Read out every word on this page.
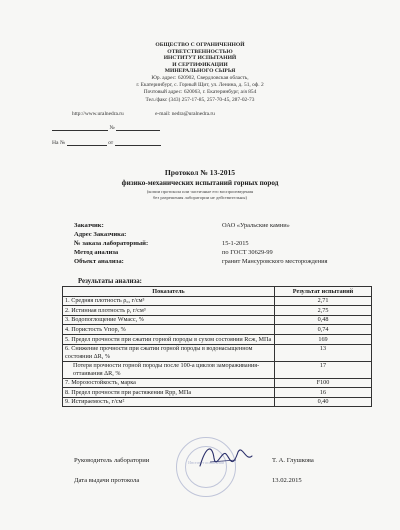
ОБЩЕСТВО С ОГРАНИЧЕННОЙ
ОТВЕТСТВЕННОСТЬЮ
ИНСТИТУТ ИСПЫТАНИЙ
И СЕРТИФИКАЦИИ
МИНЕРАЛЬНОГО СЫРЬЯ
Юр. адрес: 620902, Свердловская область,
г. Екатеринбург, с. Горный Щит, ул. Ленина, д. 51, оф. 2
Почтовый адрес: 620063, г. Екатеринбург, а/я 854
Тел./факс (343) 257-17-85, 257-70-45, 287-02-73
http://www.uralnedra.ru	e-mail: nedra@uralnedra.ru
№
На №	от
Протокол № 13-2015
физико-механических испытаний горных пород
(копии протокола или частичные его воспроизведения
без разрешения лаборатории не действительны)
Заказчик:	ОАО «Уральские камни»
Адрес Заказчика:
№ заказа лабораторный:	15-1-2015
Метод анализа	по ГОСТ 30629-99
Объект анализа:	гранит Мансуровского месторождения
Результаты анализа:
Показатель	Результат испытаний
1. Средняя плотность ρ₀, г/см³	2,71
2. Истинная плотность ρ, г/см³	2,75
3. Водопоглощение Wмасс, %	0,48
4. Пористость Vпор, %	0,74
5. Предел прочности при сжатии горной породы в сухом состоянии Rсж, МПа	169
6. Снижение прочности при сжатии горной породы в водонасыщенном состоянии ΔR, %	13
Потеря прочности горной породы после 100-а циклов замораживания-оттаивания ΔR, %	17
7. Морозостойкость, марка	F100
8. Предел прочности при растяжении Rрр, МПа	16
9. Истираемость, г/см²	0,40
Институт испытаний
Руководитель лаборатории	Т. А. Глушкова
Дата выдачи протокола	13.02.2015
